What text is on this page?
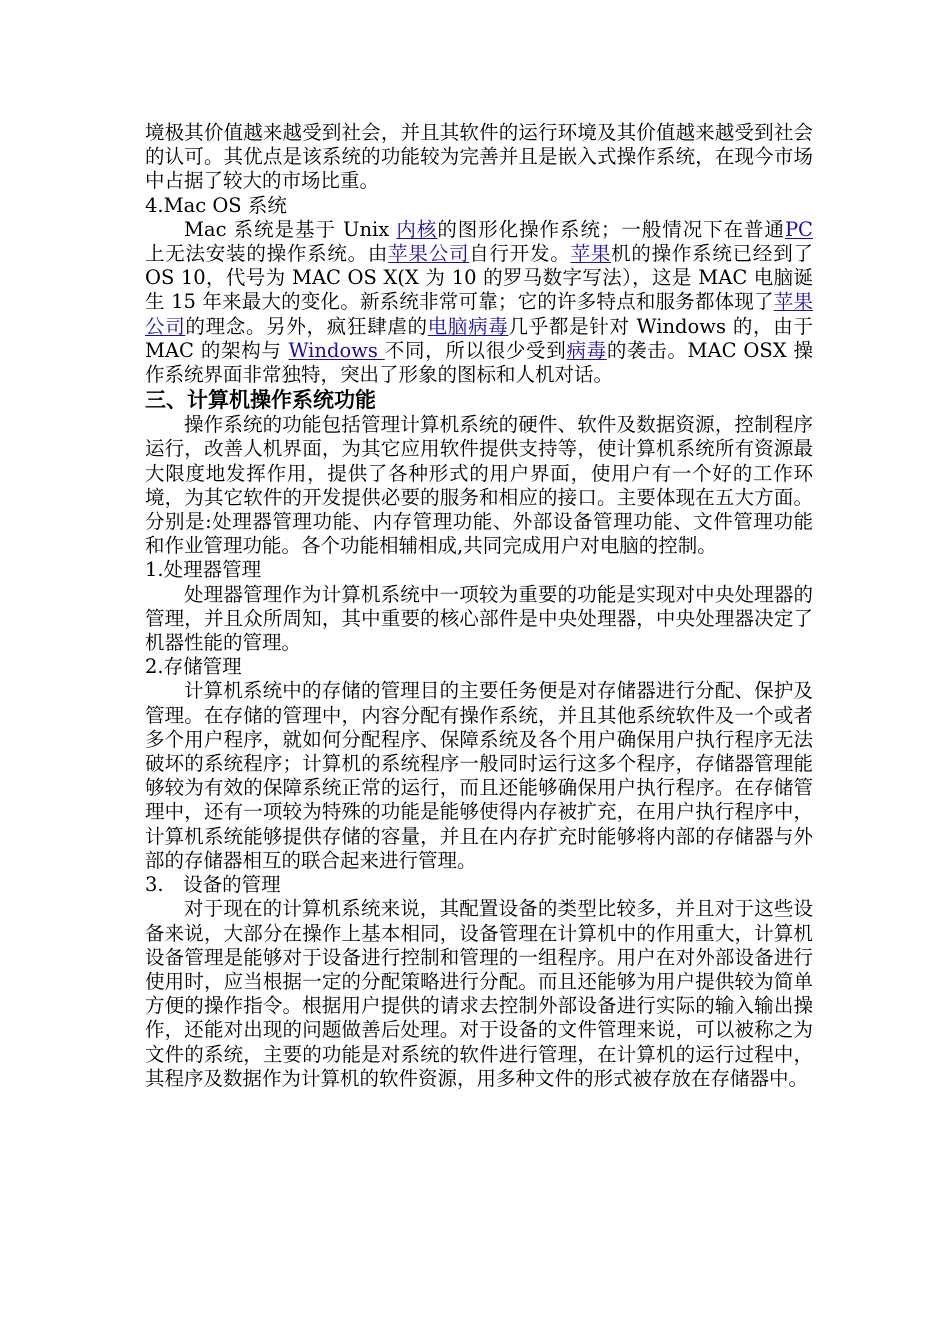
境极其价值越来越受到社会，并且其软件的运行环境及其价值越来越受到社会的认可。其优点是该系统的功能较为完善并且是嵌入式操作系统，在现今市场中占据了较大的市场比重。

4.Mac OS 系统

Mac 系统是基于 Unix 内核的图形化操作系统；一般情况下在普通PC 上无法安装的操作系统。由苹果公司自行开发。苹果机的操作系统已经到了 OS 10，代号为 MAC OS X(X 为 10 的罗马数字写法），这是 MAC 电脑诞生 15 年来最大的变化。新系统非常可靠；它的许多特点和服务都体现了苹果公司的理念。另外，疯狂肆虐的电脑病毒几乎都是针对 Windows 的，由于 MAC 的架构与 Windows 不同，所以很少受到病毒的袭击。MAC OSX 操作系统界面非常独特，突出了形象的图标和人机对话。

三、计算机操作系统功能

操作系统的功能包括管理计算机系统的硬件、软件及数据资源，控制程序运行，改善人机界面，为其它应用软件提供支持等，使计算机系统所有资源最大限度地发挥作用，提供了各种形式的用户界面，使用户有一个好的工作环境，为其它软件的开发提供必要的服务和相应的接口。主要体现在五大方面。分别是:处理器管理功能、内存管理功能、外部设备管理功能、文件管理功能和作业管理功能。各个功能相辅相成,共同完成用户对电脑的控制。

1.处理器管理

处理器管理作为计算机系统中一项较为重要的功能是实现对中央处理器的管理，并且众所周知，其中重要的核心部件是中央处理器，中央处理器决定了机器性能的管理。

2.存储管理

计算机系统中的存储的管理目的主要任务便是对存储器进行分配、保护及管理。在存储的管理中，内容分配有操作系统，并且其他系统软件及一个或者多个用户程序，就如何分配程序、保障系统及各个用户确保用户执行程序无法破坏的系统程序；计算机的系统程序一般同时运行这多个程序，存储器管理能够较为有效的保障系统正常的运行，而且还能够确保用户执行程序。在存储管理中，还有一项较为特殊的功能是能够使得内存被扩充，在用户执行程序中，计算机系统能够提供存储的容量，并且在内存扩充时能够将内部的存储器与外部的存储器相互的联合起来进行管理。

3.　设备的管理

对于现在的计算机系统来说，其配置设备的类型比较多，并且对于这些设备来说，大部分在操作上基本相同，设备管理在计算机中的作用重大，计算机设备管理是能够对于设备进行控制和管理的一组程序。用户在对外部设备进行使用时，应当根据一定的分配策略进行分配。而且还能够为用户提供较为简单方便的操作指令。根据用户提供的请求去控制外部设备进行实际的输入输出操作，还能对出现的问题做善后处理。对于设备的文件管理来说，可以被称之为文件的系统，主要的功能是对系统的软件进行管理，在计算机的运行过程中，其程序及数据作为计算机的软件资源，用多种文件的形式被存放在存储器中。
